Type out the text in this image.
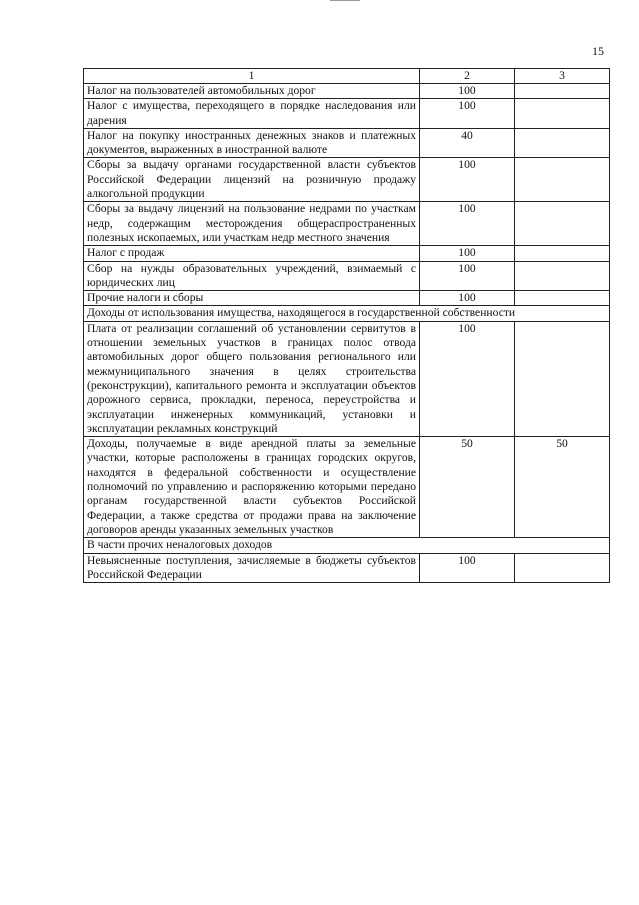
15
1	2	3
Налог на пользователей автомобильных дорог	100	
Налог с имущества, переходящего в порядке наследования или дарения	100	
Налог на покупку иностранных денежных знаков и платежных документов, выраженных в иностранной валюте	40	
Сборы за выдачу органами государственной власти субъектов Российской Федерации лицензий на розничную продажу алкогольной продукции	100	
Сборы за выдачу лицензий на пользование недрами по участкам недр, содержащим месторождения общераспространенных полезных ископаемых, или участкам недр местного значения	100	
Налог с продаж	100	
Сбор на нужды образовательных учреждений, взимаемый с юридических лиц	100	
Прочие налоги и сборы	100	
Доходы от использования имущества, находящегося в государственной собственности		
Плата от реализации соглашений об установлении сервитутов в отношении земельных участков в границах полос отвода автомобильных дорог общего пользования регионального или межмуниципального значения в целях строительства (реконструкции), капитального ремонта и эксплуатации объектов дорожного сервиса, прокладки, переноса, переустройства и эксплуатации инженерных коммуникаций, установки и эксплуатации рекламных конструкций	100	
Доходы, получаемые в виде арендной платы за земельные участки, которые расположены в границах городских округов, находятся в федеральной собственности и осуществление полномочий по управлению и распоряжению которыми передано органам государственной власти субъектов Российской Федерации, а также средства от продажи права на заключение договоров аренды указанных земельных участков	50	50
В части прочих неналоговых доходов		
Невыясненные поступления, зачисляемые в бюджеты субъектов Российской Федерации	100	
